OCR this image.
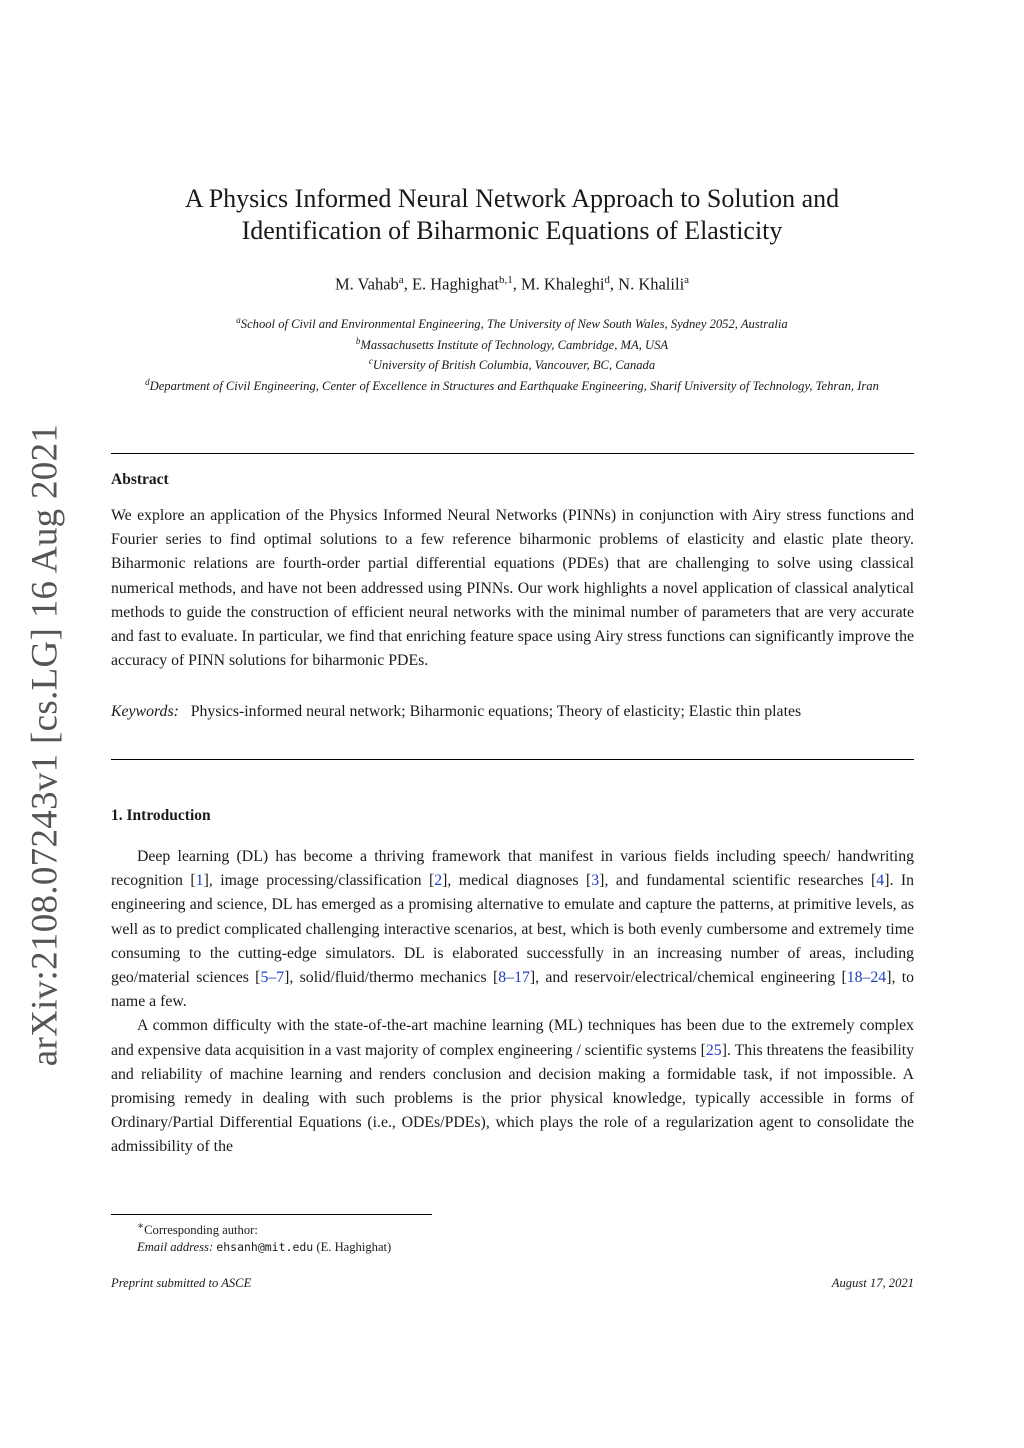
arXiv:2108.07243v1 [cs.LG] 16 Aug 2021
A Physics Informed Neural Network Approach to Solution and
Identification of Biharmonic Equations of Elasticity
M. Vahab$^a$, E. Haghighat$^{b,1}$, M. Khaleghi$^d$, N. Khalili$^a$
$^a$School of Civil and Environmental Engineering, The University of New South Wales, Sydney 2052, Australia
$^b$Massachusetts Institute of Technology, Cambridge, MA, USA
$^c$University of British Columbia, Vancouver, BC, Canada
$^d$Department of Civil Engineering, Center of Excellence in Structures and Earthquake Engineering, Sharif University of Technology, Tehran, Iran
Abstract

We explore an application of the Physics Informed Neural Networks (PINNs) in conjunction with Airy stress functions and Fourier series to find optimal solutions to a few reference biharmonic problems of elasticity and elastic plate theory. Biharmonic relations are fourth-order partial differential equations (PDEs) that are challenging to solve using classical numerical methods, and have not been addressed using PINNs. Our work highlights a novel application of classical analytical methods to guide the construction of efficient neural networks with the minimal number of parameters that are very accurate and fast to evaluate. In particular, we find that enriching feature space using Airy stress functions can significantly improve the accuracy of PINN solutions for biharmonic PDEs.

Keywords: Physics-informed neural network; Biharmonic equations; Theory of elasticity; Elastic thin plates
1. Introduction

Deep learning (DL) has become a thriving framework that manifest in various fields including speech/ handwriting recognition [1], image processing/classification [2], medical diagnoses [3], and fundamental scientific researches [4]. In engineering and science, DL has emerged as a promising alternative to emulate and capture the patterns, at primitive levels, as well as to predict complicated challenging interactive scenarios, at best, which is both evenly cumbersome and extremely time consuming to the cutting-edge simulators. DL is elaborated successfully in an increasing number of areas, including geo/material sciences [5–7], solid/fluid/thermo mechanics [8–17], and reservoir/electrical/chemical engineering [18–24], to name a few.

A common difficulty with the state-of-the-art machine learning (ML) techniques has been due to the extremely complex and expensive data acquisition in a vast majority of complex engineering / scientific systems [25]. This threatens the feasibility and reliability of machine learning and renders conclusion and decision making a formidable task, if not impossible. A promising remedy in dealing with such problems is the prior physical knowledge, typically accessible in forms of Ordinary/Partial Differential Equations (i.e., ODEs/PDEs), which plays the role of a regularization agent to consolidate the admissibility of the

∗Corresponding author:
Email address: ehsanh@mit.edu (E. Haghighat)
Preprint submitted to ASCE	August 17, 2021
